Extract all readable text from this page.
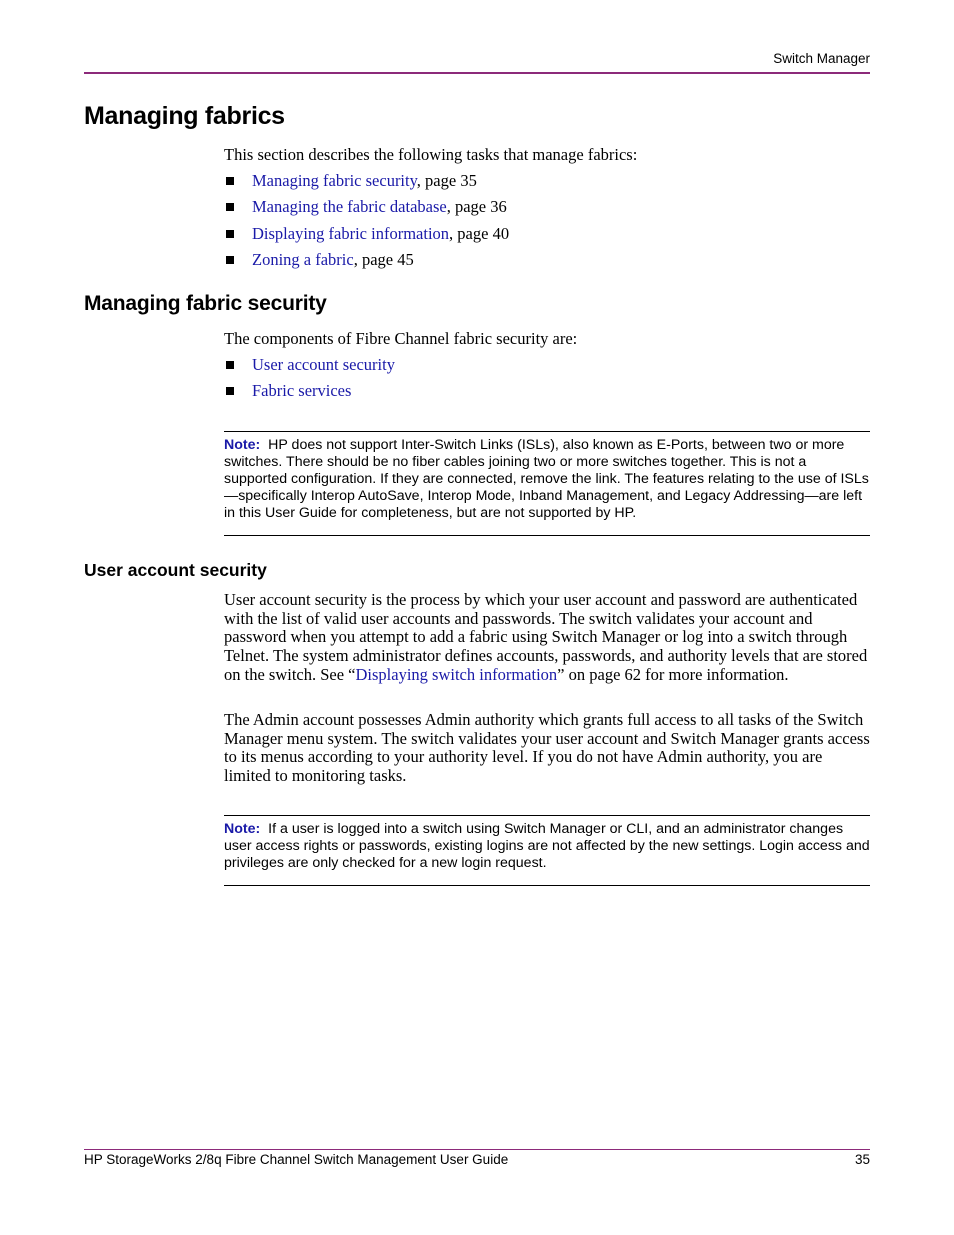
Switch Manager
Managing fabrics

This section describes the following tasks that manage fabrics:

Managing fabric security, page 35
Managing the fabric database, page 36
Displaying fabric information, page 40
Zoning a fabric, page 45
Managing fabric security

The components of Fibre Channel fabric security are:

User account security
Fabric services

Note: HP does not support Inter-Switch Links (ISLs), also known as E-Ports, between two or more switches. There should be no fiber cables joining two or more switches together. This is not a supported configuration. If they are connected, remove the link. The features relating to the use of ISLs—specifically Interop AutoSave, Interop Mode, Inband Management, and Legacy Addressing—are left in this User Guide for completeness, but are not supported by HP.

User account security

User account security is the process by which your user account and password are authenticated with the list of valid user accounts and passwords. The switch validates your account and password when you attempt to add a fabric using Switch Manager or log into a switch through Telnet. The system administrator defines accounts, passwords, and authority levels that are stored on the switch. See “Displaying switch information” on page 62 for more information.

The Admin account possesses Admin authority which grants full access to all tasks of the Switch Manager menu system. The switch validates your user account and Switch Manager grants access to its menus according to your authority level. If you do not have Admin authority, you are limited to monitoring tasks.

Note: If a user is logged into a switch using Switch Manager or CLI, and an administrator changes user access rights or passwords, existing logins are not affected by the new settings. Login access and privileges are only checked for a new login request.

HP StorageWorks 2/8q Fibre Channel Switch Management User Guide	35
